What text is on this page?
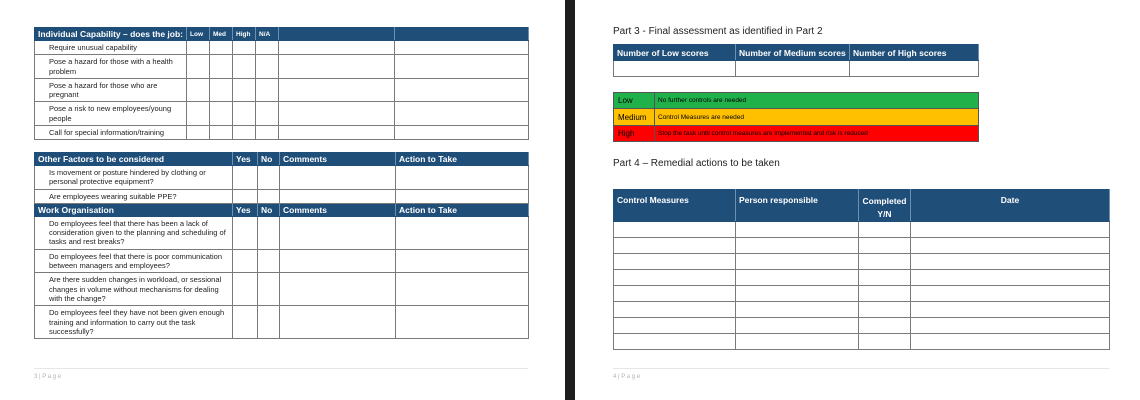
Individual Capability – does the job:	Low	Med	High	N/A		
Require unusual capability						
Pose a hazard for those with a health problem						
Pose a hazard for those who are pregnant						
Pose a risk to new employees/young people						
Call for special information/training						
Other Factors to be considered	Yes	No	Comments	Action to Take
Is movement or posture hindered by clothing or personal protective equipment?				
Are employees wearing suitable PPE?				
Work Organisation	Yes	No	Comments	Action to Take
Do employees feel that there has been a lack of consideration given to the planning and scheduling of tasks and rest breaks?				
Do employees feel that there is poor communication between managers and employees?				
Are there sudden changes in workload, or sessional changes in volume without mechanisms for dealing with the change?				
Do employees feel they have not been given enough training and information to carry out the task successfully?				
3 | P a g e
Part 3 - Final assessment as identified in Part 2
Number of Low scores	Number of Medium scores	Number of High scores

Low	No further controls are needed
Medium	Control Measures are needed
High	Stop the task until control measures are implemented and risk is reduced
Part 4 – Remedial actions to be taken
Control Measures	Person responsible	Completed Y/N	Date

4 | P a g e
